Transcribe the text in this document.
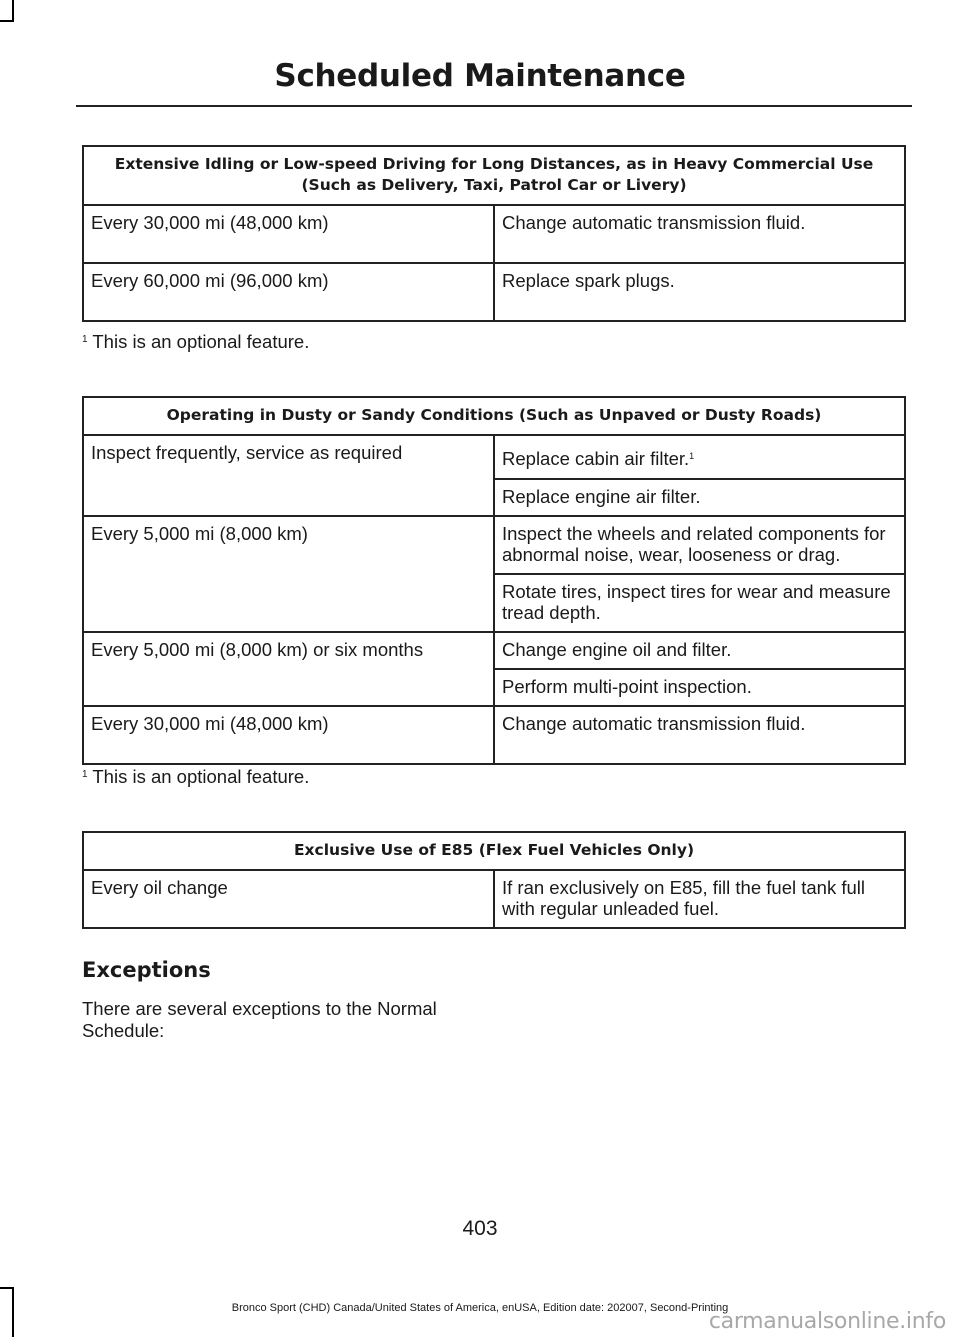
Scheduled Maintenance
Extensive Idling or Low-speed Driving for Long Distances, as in Heavy Commercial Use (Such as Delivery, Taxi, Patrol Car or Livery)	
Every 30,000 mi (48,000 km)	Change automatic transmission fluid.
Every 60,000 mi (96,000 km)	Replace spark plugs.
$^1$ This is an optional feature.
Operating in Dusty or Sandy Conditions (Such as Unpaved or Dusty Roads)	
Inspect frequently, service as required	Replace cabin air filter.$^1$
	Replace engine air filter.
Every 5,000 mi (8,000 km)	Inspect the wheels and related components for abnormal noise, wear, looseness or drag.
	Rotate tires, inspect tires for wear and measure tread depth.
Every 5,000 mi (8,000 km) or six months	Change engine oil and filter.
	Perform multi-point inspection.
Every 30,000 mi (48,000 km)	Change automatic transmission fluid.
$^1$ This is an optional feature.
Exclusive Use of E85 (Flex Fuel Vehicles Only)
Every oil change	If ran exclusively on E85, fill the fuel tank full with regular unleaded fuel.
Exceptions
There are several exceptions to the Normal Schedule:
403
Bronco Sport (CHD) Canada/United States of America, enUSA, Edition date: 202007, Second-Printing
carmanualsonline.info
